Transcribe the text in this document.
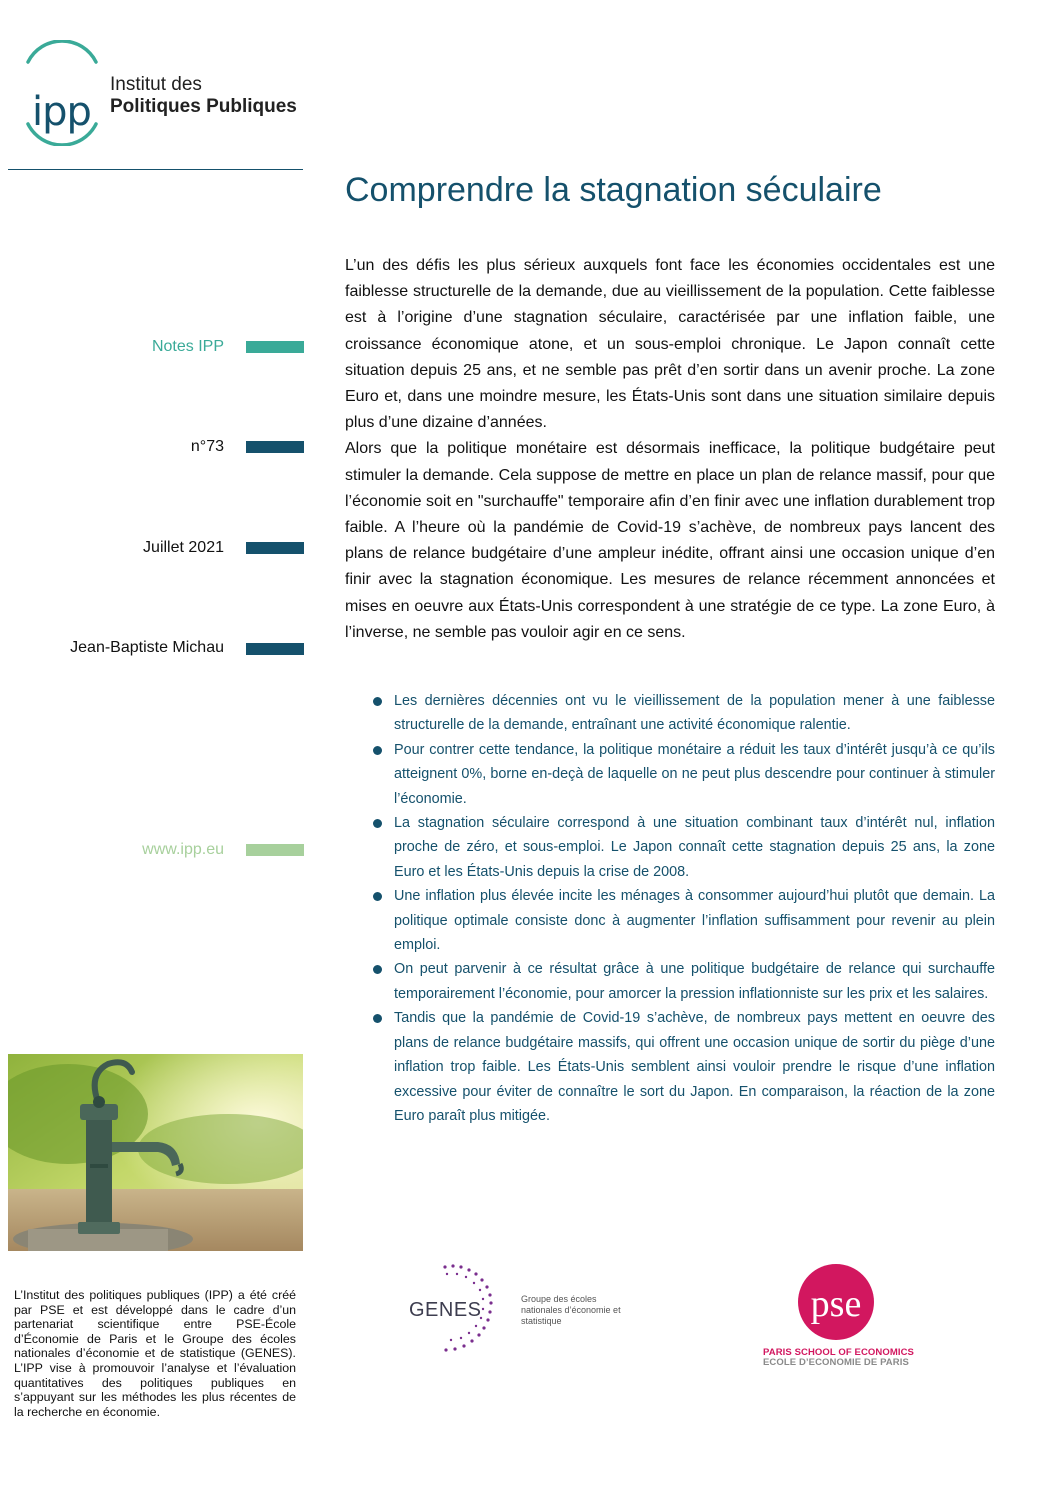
ipp
Institut des
Politiques Publiques
Comprendre la stagnation séculaire

L’un des défis les plus sérieux auxquels font face les économies occidentales est une faiblesse structurelle de la demande, due au vieillissement de la population. Cette faiblesse est à l’origine d’une stagnation séculaire, caractérisée par une inflation faible, une croissance économique atone, et un sous-emploi chronique. Le Japon connaît cette situation depuis 25 ans, et ne semble pas prêt d’en sortir dans un avenir proche. La zone Euro et, dans une moindre mesure, les États-Unis sont dans une situation similaire depuis plus d’une dizaine d’années.

Alors que la politique monétaire est désormais inefficace, la politique budgétaire peut stimuler la demande. Cela suppose de mettre en place un plan de relance massif, pour que l’économie soit en "surchauffe" temporaire afin d’en finir avec une inflation durablement trop faible. A l’heure où la pandémie de Covid-19 s’achève, de nombreux pays lancent des plans de relance budgétaire d’une ampleur inédite, offrant ainsi une occasion unique d’en finir avec la stagnation économique. Les mesures de relance récemment annoncées et mises en oeuvre aux États-Unis correspondent à une stratégie de ce type. La zone Euro, à l’inverse, ne semble pas vouloir agir en ce sens.

Notes IPP
n°73
Juillet 2021
Jean-Baptiste Michau
www.ipp.eu
Les dernières décennies ont vu le vieillissement de la population mener à une faiblesse structurelle de la demande, entraînant une activité économique ralentie.
Pour contrer cette tendance, la politique monétaire a réduit les taux d’intérêt jusqu’à ce qu’ils atteignent 0%, borne en-deçà de laquelle on ne peut plus descendre pour continuer à stimuler l’économie.
La stagnation séculaire correspond à une situation combinant taux d’intérêt nul, inflation proche de zéro, et sous-emploi. Le Japon connaît cette stagnation depuis 25 ans, la zone Euro et les États-Unis depuis la crise de 2008.
Une inflation plus élevée incite les ménages à consommer aujourd’hui plutôt que demain. La politique optimale consiste donc à augmenter l’inflation suffisamment pour revenir au plein emploi.
On peut parvenir à ce résultat grâce à une politique budgétaire de relance qui surchauffe temporairement l’économie, pour amorcer la pression inflationniste sur les prix et les salaires.
Tandis que la pandémie de Covid-19 s’achève, de nombreux pays mettent en oeuvre des plans de relance budgétaire massifs, qui offrent une occasion unique de sortir du piège d’une inflation trop faible. Les États-Unis semblent ainsi vouloir prendre le risque d’une inflation excessive pour éviter de connaître le sort du Japon. En comparaison, la réaction de la zone Euro paraît plus mitigée.
L’Institut des politiques publiques (IPP) a été créé par PSE et est développé dans le cadre d’un partenariat scientifique entre PSE-École d’Économie de Paris et le Groupe des écoles nationales d’économie et de statistique (GENES). L’IPP vise à promouvoir l’analyse et l’évaluation quantitatives des politiques publiques en s’appuyant sur les méthodes les plus récentes de la recherche en économie.
GENES	Groupe des écoles nationales d’économie et statistique	pse
PARIS SCHOOL OF ECONOMICS
ECOLE D’ECONOMIE DE PARIS
